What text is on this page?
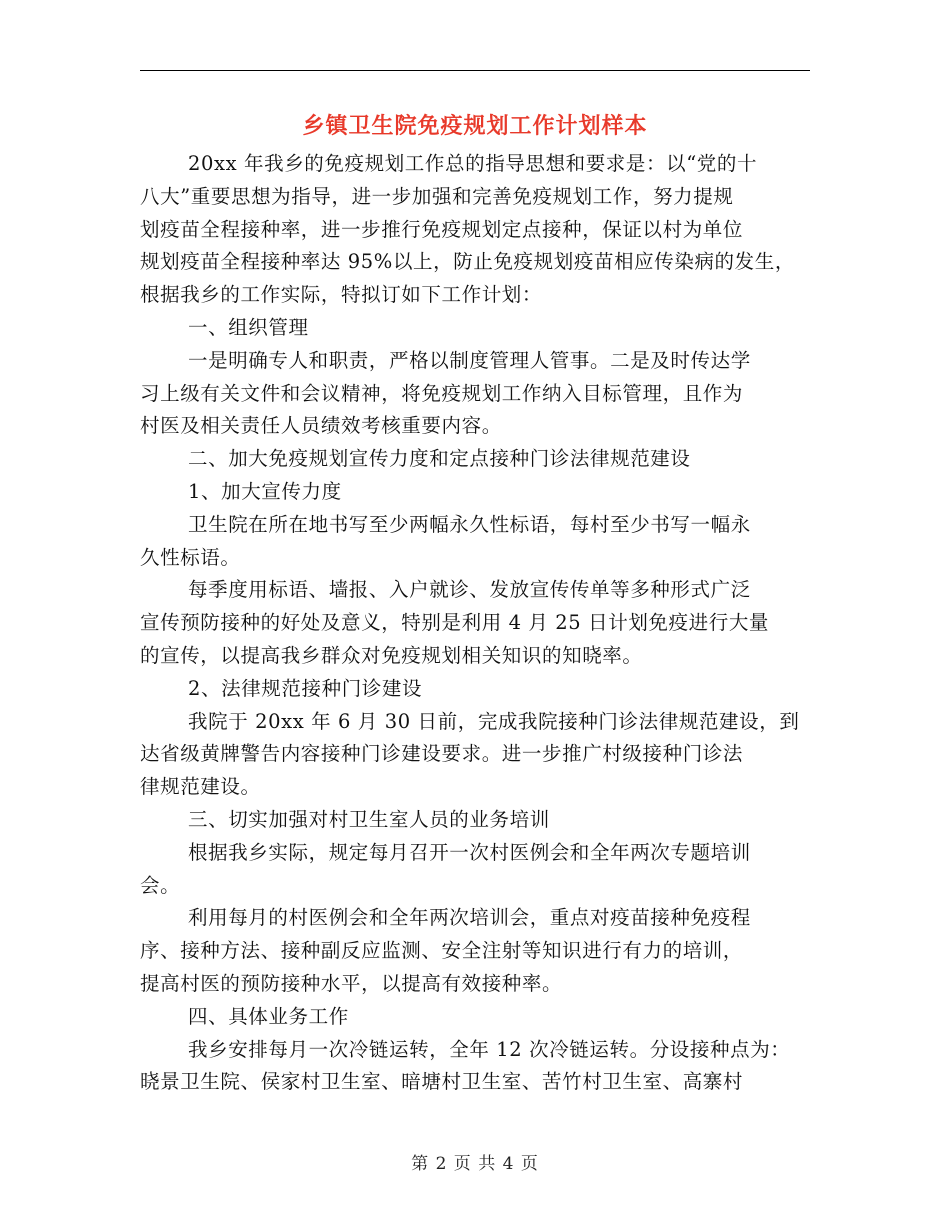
乡镇卫生院免疫规划工作计划样本
20xx 年我乡的免疫规划工作总的指导思想和要求是：以“党的十
八大”重要思想为指导，进一步加强和完善免疫规划工作，努力提规
划疫苗全程接种率，进一步推行免疫规划定点接种，保证以村为单位
规划疫苗全程接种率达 95%以上，防止免疫规划疫苗相应传染病的发生，
根据我乡的工作实际，特拟订如下工作计划：
一、组织管理
一是明确专人和职责，严格以制度管理人管事。二是及时传达学
习上级有关文件和会议精神，将免疫规划工作纳入目标管理，且作为
村医及相关责任人员绩效考核重要内容。
二、加大免疫规划宣传力度和定点接种门诊法律规范建设
1、加大宣传力度
卫生院在所在地书写至少两幅永久性标语，每村至少书写一幅永
久性标语。
每季度用标语、墙报、入户就诊、发放宣传传单等多种形式广泛
宣传预防接种的好处及意义，特别是利用 4 月 25 日计划免疫进行大量
的宣传，以提高我乡群众对免疫规划相关知识的知晓率。
2、法律规范接种门诊建设
我院于 20xx 年 6 月 30 日前，完成我院接种门诊法律规范建设，到
达省级黄牌警告内容接种门诊建设要求。进一步推广村级接种门诊法
律规范建设。
三、切实加强对村卫生室人员的业务培训
根据我乡实际，规定每月召开一次村医例会和全年两次专题培训
会。
利用每月的村医例会和全年两次培训会，重点对疫苗接种免疫程
序、接种方法、接种副反应监测、安全注射等知识进行有力的培训，
提高村医的预防接种水平，以提高有效接种率。
四、具体业务工作
我乡安排每月一次冷链运转，全年 12 次冷链运转。分设接种点为：
晓景卫生院、侯家村卫生室、暗塘村卫生室、苦竹村卫生室、高寨村
第 2 页 共 4 页
